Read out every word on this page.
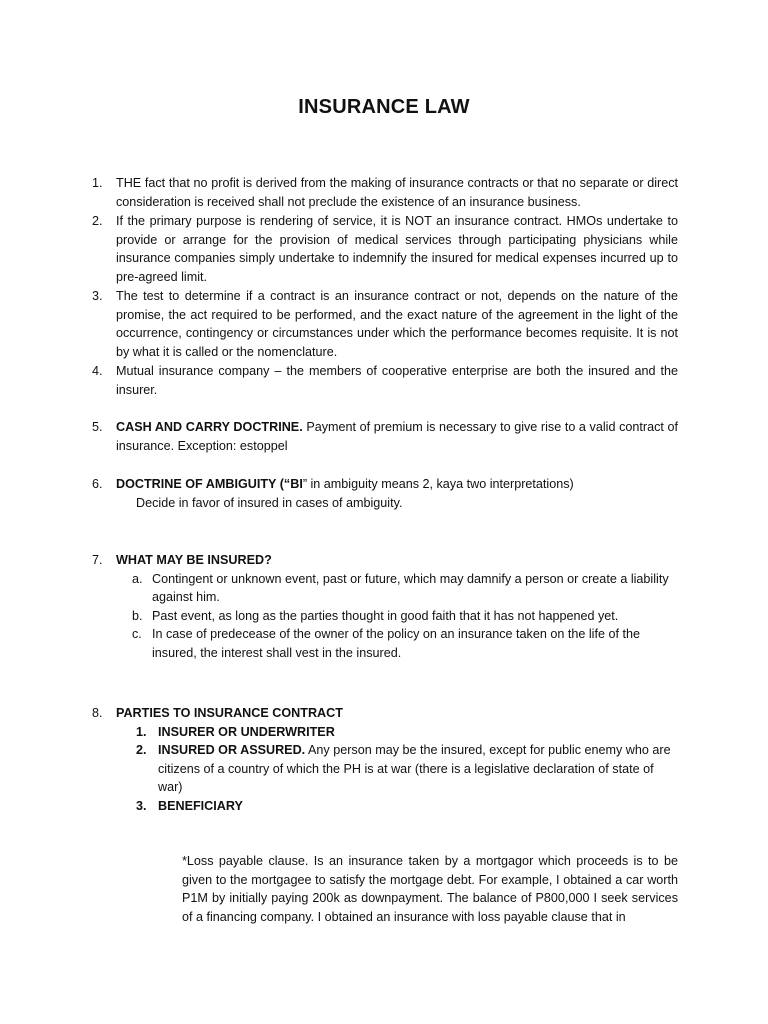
INSURANCE LAW
1.	THE fact that no profit is derived from the making of insurance contracts or that no separate or direct consideration is received shall not preclude the existence of an insurance business.
2.	If the primary purpose is rendering of service, it is NOT an insurance contract. HMOs undertake to provide or arrange for the provision of medical services through participating physicians while insurance companies simply undertake to indemnify the insured for medical expenses incurred up to pre-agreed limit.
3.	The test to determine if a contract is an insurance contract or not, depends on the nature of the promise, the act required to be performed, and the exact nature of the agreement in the light of the occurrence, contingency or circumstances under which the performance becomes requisite. It is not by what it is called or the nomenclature.
4.	Mutual insurance company – the members of cooperative enterprise are both the insured and the insurer.
5.	CASH AND CARRY DOCTRINE. Payment of premium is necessary to give rise to a valid contract of insurance. Exception: estoppel
6.	DOCTRINE OF AMBIGUITY (“BI” in ambiguity means 2, kaya two interpretations)
Decide in favor of insured in cases of ambiguity.
7.	WHAT MAY BE INSURED?
a. Contingent or unknown event, past or future, which may damnify a person or create a liability against him.
b. Past event, as long as the parties thought in good faith that it has not happened yet.
c. In case of predecease of the owner of the policy on an insurance taken on the life of the insured, the interest shall vest in the insured.
8.	PARTIES TO INSURANCE CONTRACT
1. INSURER OR UNDERWRITER
2. INSURED OR ASSURED. Any person may be the insured, except for public enemy who are citizens of a country of which the PH is at war (there is a legislative declaration of state of war)
3. BENEFICIARY
*Loss payable clause. Is an insurance taken by a mortgagor which proceeds is to be given to the mortgagee to satisfy the mortgage debt. For example, I obtained a car worth P1M by initially paying 200k as downpayment. The balance of P800,000 I seek services of a financing company. I obtained an insurance with loss payable clause that in
